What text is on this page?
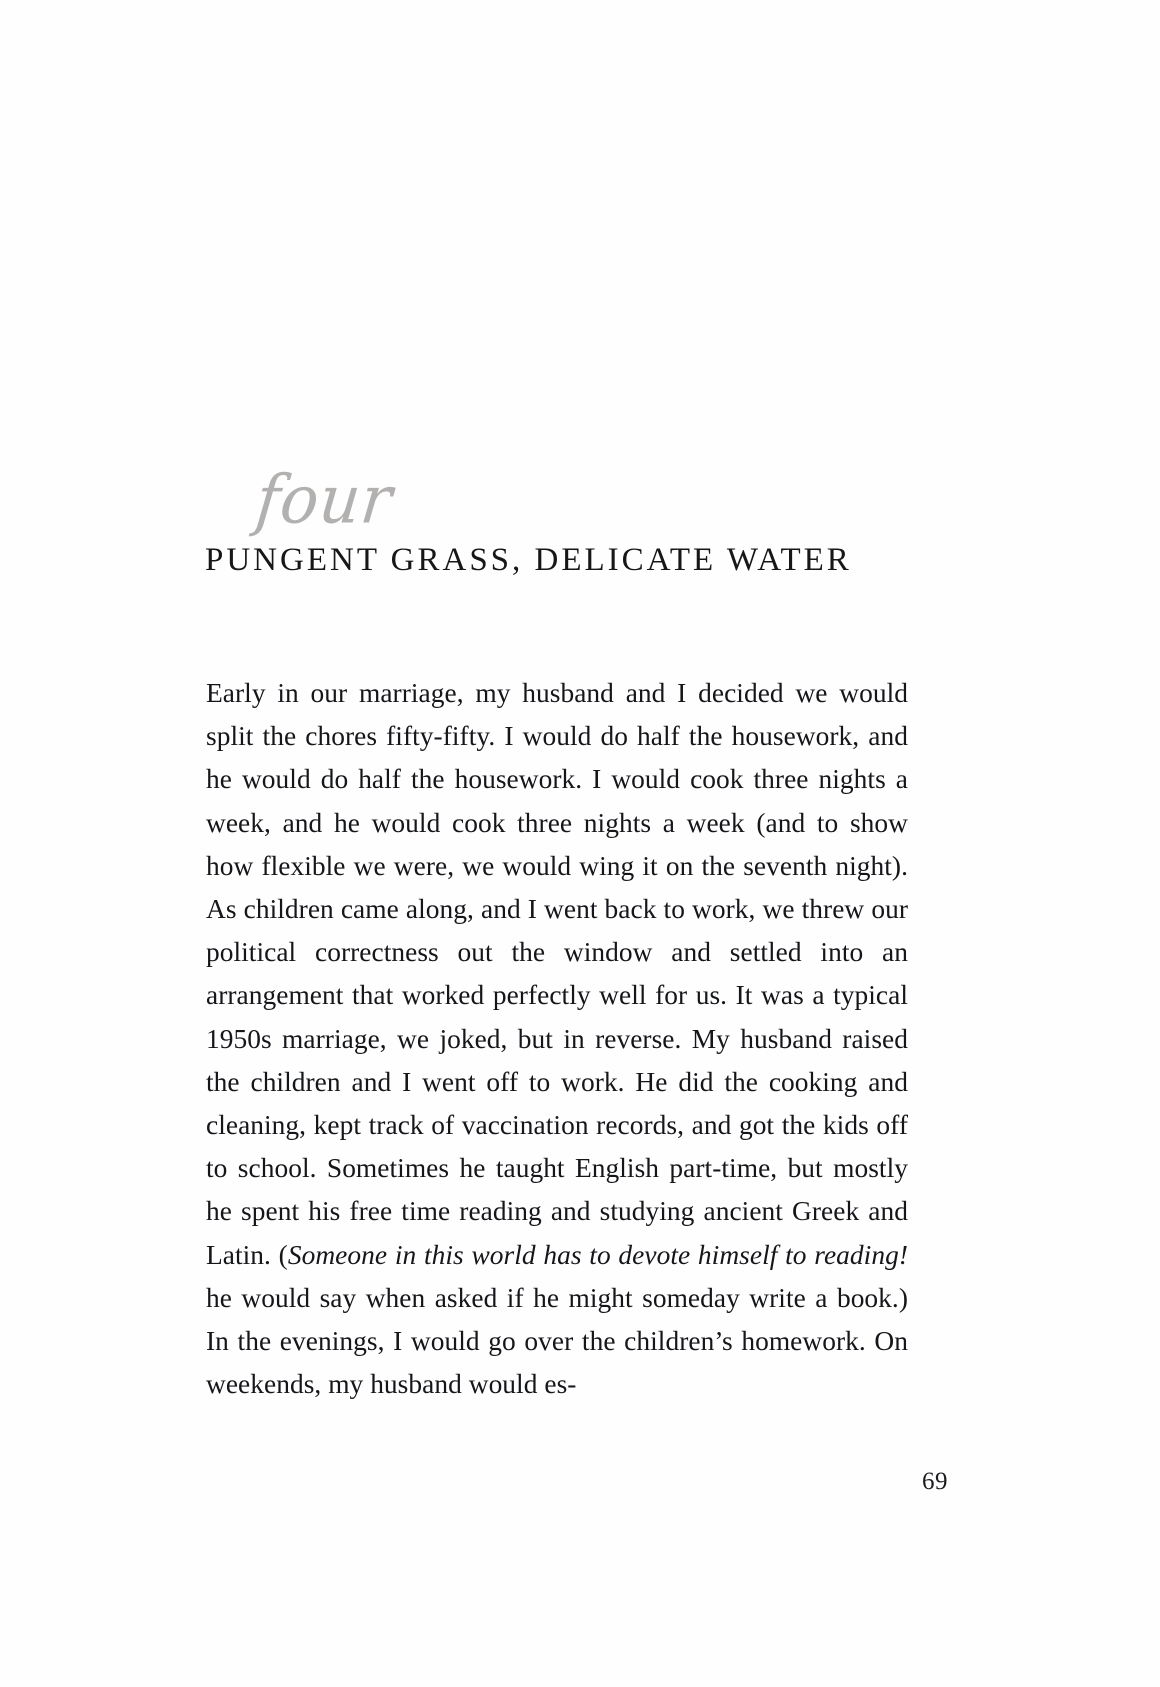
four
PUNGENT GRASS, DELICATE WATER

Early in our marriage, my husband and I decided we would split the chores fifty-fifty. I would do half the housework, and he would do half the housework. I would cook three nights a week, and he would cook three nights a week (and to show how flexible we were, we would wing it on the seventh night). As children came along, and I went back to work, we threw our political correctness out the window and settled into an arrangement that worked perfectly well for us. It was a typical 1950s marriage, we joked, but in reverse. My husband raised the children and I went off to work. He did the cooking and cleaning, kept track of vaccination records, and got the kids off to school. Sometimes he taught English part-time, but mostly he spent his free time reading and studying ancient Greek and Latin. (Someone in this world has to devote himself to reading! he would say when asked if he might someday write a book.) In the evenings, I would go over the children’s homework. On weekends, my husband would es-

69
